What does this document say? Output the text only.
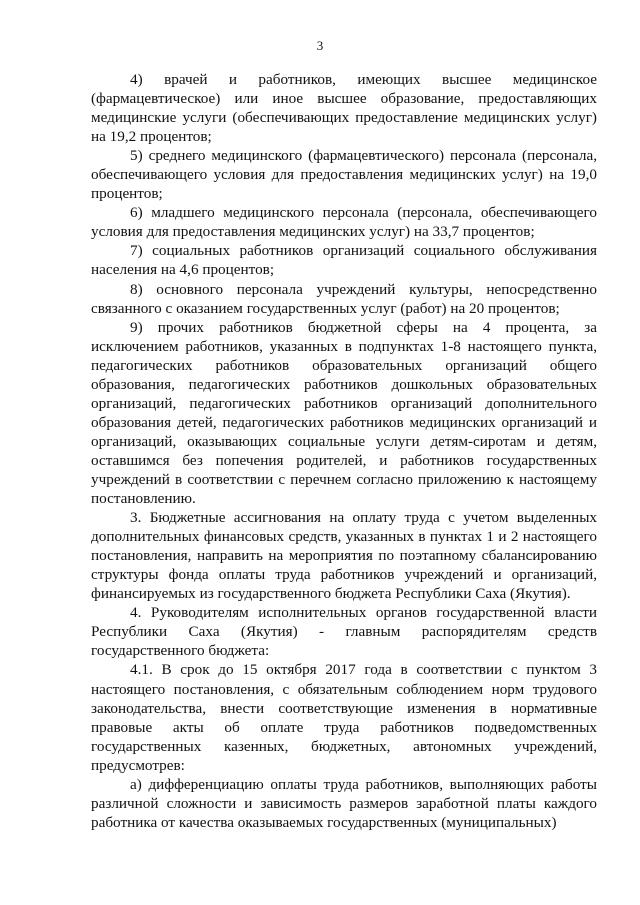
3

4) врачей и работников, имеющих высшее медицинское (фармацевтическое) или иное высшее образование, предоставляющих медицинские услуги (обеспечивающих предоставление медицинских услуг) на 19,2 процентов;

5) среднего медицинского (фармацевтического) персонала (персонала, обеспечивающего условия для предоставления медицинских услуг) на 19,0 процентов;

6) младшего медицинского персонала (персонала, обеспечивающего условия для предоставления медицинских услуг) на 33,7 процентов;

7) социальных работников организаций социального обслуживания населения на 4,6 процентов;

8) основного персонала учреждений культуры, непосредственно связанного с оказанием государственных услуг (работ) на 20 процентов;

9) прочих работников бюджетной сферы на 4 процента, за исключением работников, указанных в подпунктах 1-8 настоящего пункта, педагогических работников образовательных организаций общего образования, педагогических работников дошкольных образовательных организаций, педагогических работников организаций дополнительного образования детей, педагогических работников медицинских организаций и организаций, оказывающих социальные услуги детям-сиротам и детям, оставшимся без попечения родителей, и работников государственных учреждений в соответствии с перечнем согласно приложению к настоящему постановлению.

3. Бюджетные ассигнования на оплату труда с учетом выделенных дополнительных финансовых средств, указанных в пунктах 1 и 2 настоящего постановления, направить на мероприятия по поэтапному сбалансированию структуры фонда оплаты труда работников учреждений и организаций, финансируемых из государственного бюджета Республики Саха (Якутия).

4. Руководителям исполнительных органов государственной власти Республики Саха (Якутия) - главным распорядителям средств государственного бюджета:

4.1. В срок до 15 октября 2017 года в соответствии с пунктом 3 настоящего постановления, с обязательным соблюдением норм трудового законодательства, внести соответствующие изменения в нормативные правовые акты об оплате труда работников подведомственных государственных казенных, бюджетных, автономных учреждений, предусмотрев:

а) дифференциацию оплаты труда работников, выполняющих работы различной сложности и зависимость размеров заработной платы каждого работника от качества оказываемых государственных (муниципальных)
